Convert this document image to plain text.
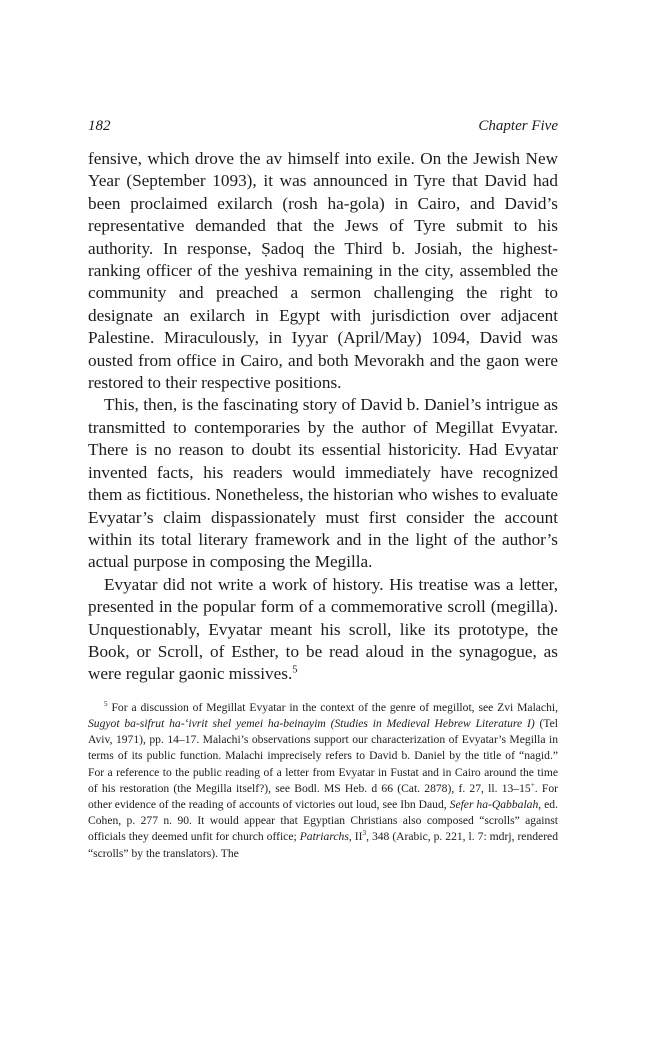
182	Chapter Five

fensive, which drove the av himself into exile. On the Jewish New Year (September 1093), it was announced in Tyre that David had been proclaimed exilarch (rosh ha-gola) in Cairo, and David’s representative demanded that the Jews of Tyre submit to his authority. In response, Ṣadoq the Third b. Josiah, the highest-ranking officer of the yeshiva remaining in the city, assembled the community and preached a sermon challenging the right to designate an exilarch in Egypt with jurisdiction over adjacent Palestine. Miraculously, in Iyyar (April/May) 1094, David was ousted from office in Cairo, and both Mevorakh and the gaon were restored to their respective positions.

This, then, is the fascinating story of David b. Daniel’s intrigue as transmitted to contemporaries by the author of Megillat Evyatar. There is no reason to doubt its essential historicity. Had Evyatar invented facts, his readers would immediately have recognized them as fictitious. Nonetheless, the historian who wishes to evaluate Evyatar’s claim dispassionately must first consider the account within its total literary framework and in the light of the author’s actual purpose in composing the Megilla.

Evyatar did not write a work of history. His treatise was a letter, presented in the popular form of a commemorative scroll (megilla). Unquestionably, Evyatar meant his scroll, like its prototype, the Book, or Scroll, of Esther, to be read aloud in the synagogue, as were regular gaonic missives.$^5$

$^5$ For a discussion of Megillat Evyatar in the context of the genre of megillot, see Zvi Malachi, Sugyot ba-sifrut ha-‘ivrit shel yemei ha-beinayim (Studies in Medieval Hebrew Literature I) (Tel Aviv, 1971), pp. 14–17. Malachi’s observations support our characterization of Evyatar’s Megilla in terms of its public function. Malachi imprecisely refers to David b. Daniel by the title of “nagid.” For a reference to the public reading of a letter from Evyatar in Fustat and in Cairo around the time of his restoration (the Megilla itself?), see Bodl. MS Heb. d 66 (Cat. 2878), f. 27, ll. 13–15+. For other evidence of the reading of accounts of victories out loud, see Ibn Daud, Sefer ha-Qabbalah, ed. Cohen, p. 277 n. 90. It would appear that Egyptian Christians also composed “scrolls” against officials they deemed unfit for church office; Patriarchs, $II^3$, 348 (Arabic, p. 221, l. 7: mdrj, rendered “scrolls” by the translators). The
